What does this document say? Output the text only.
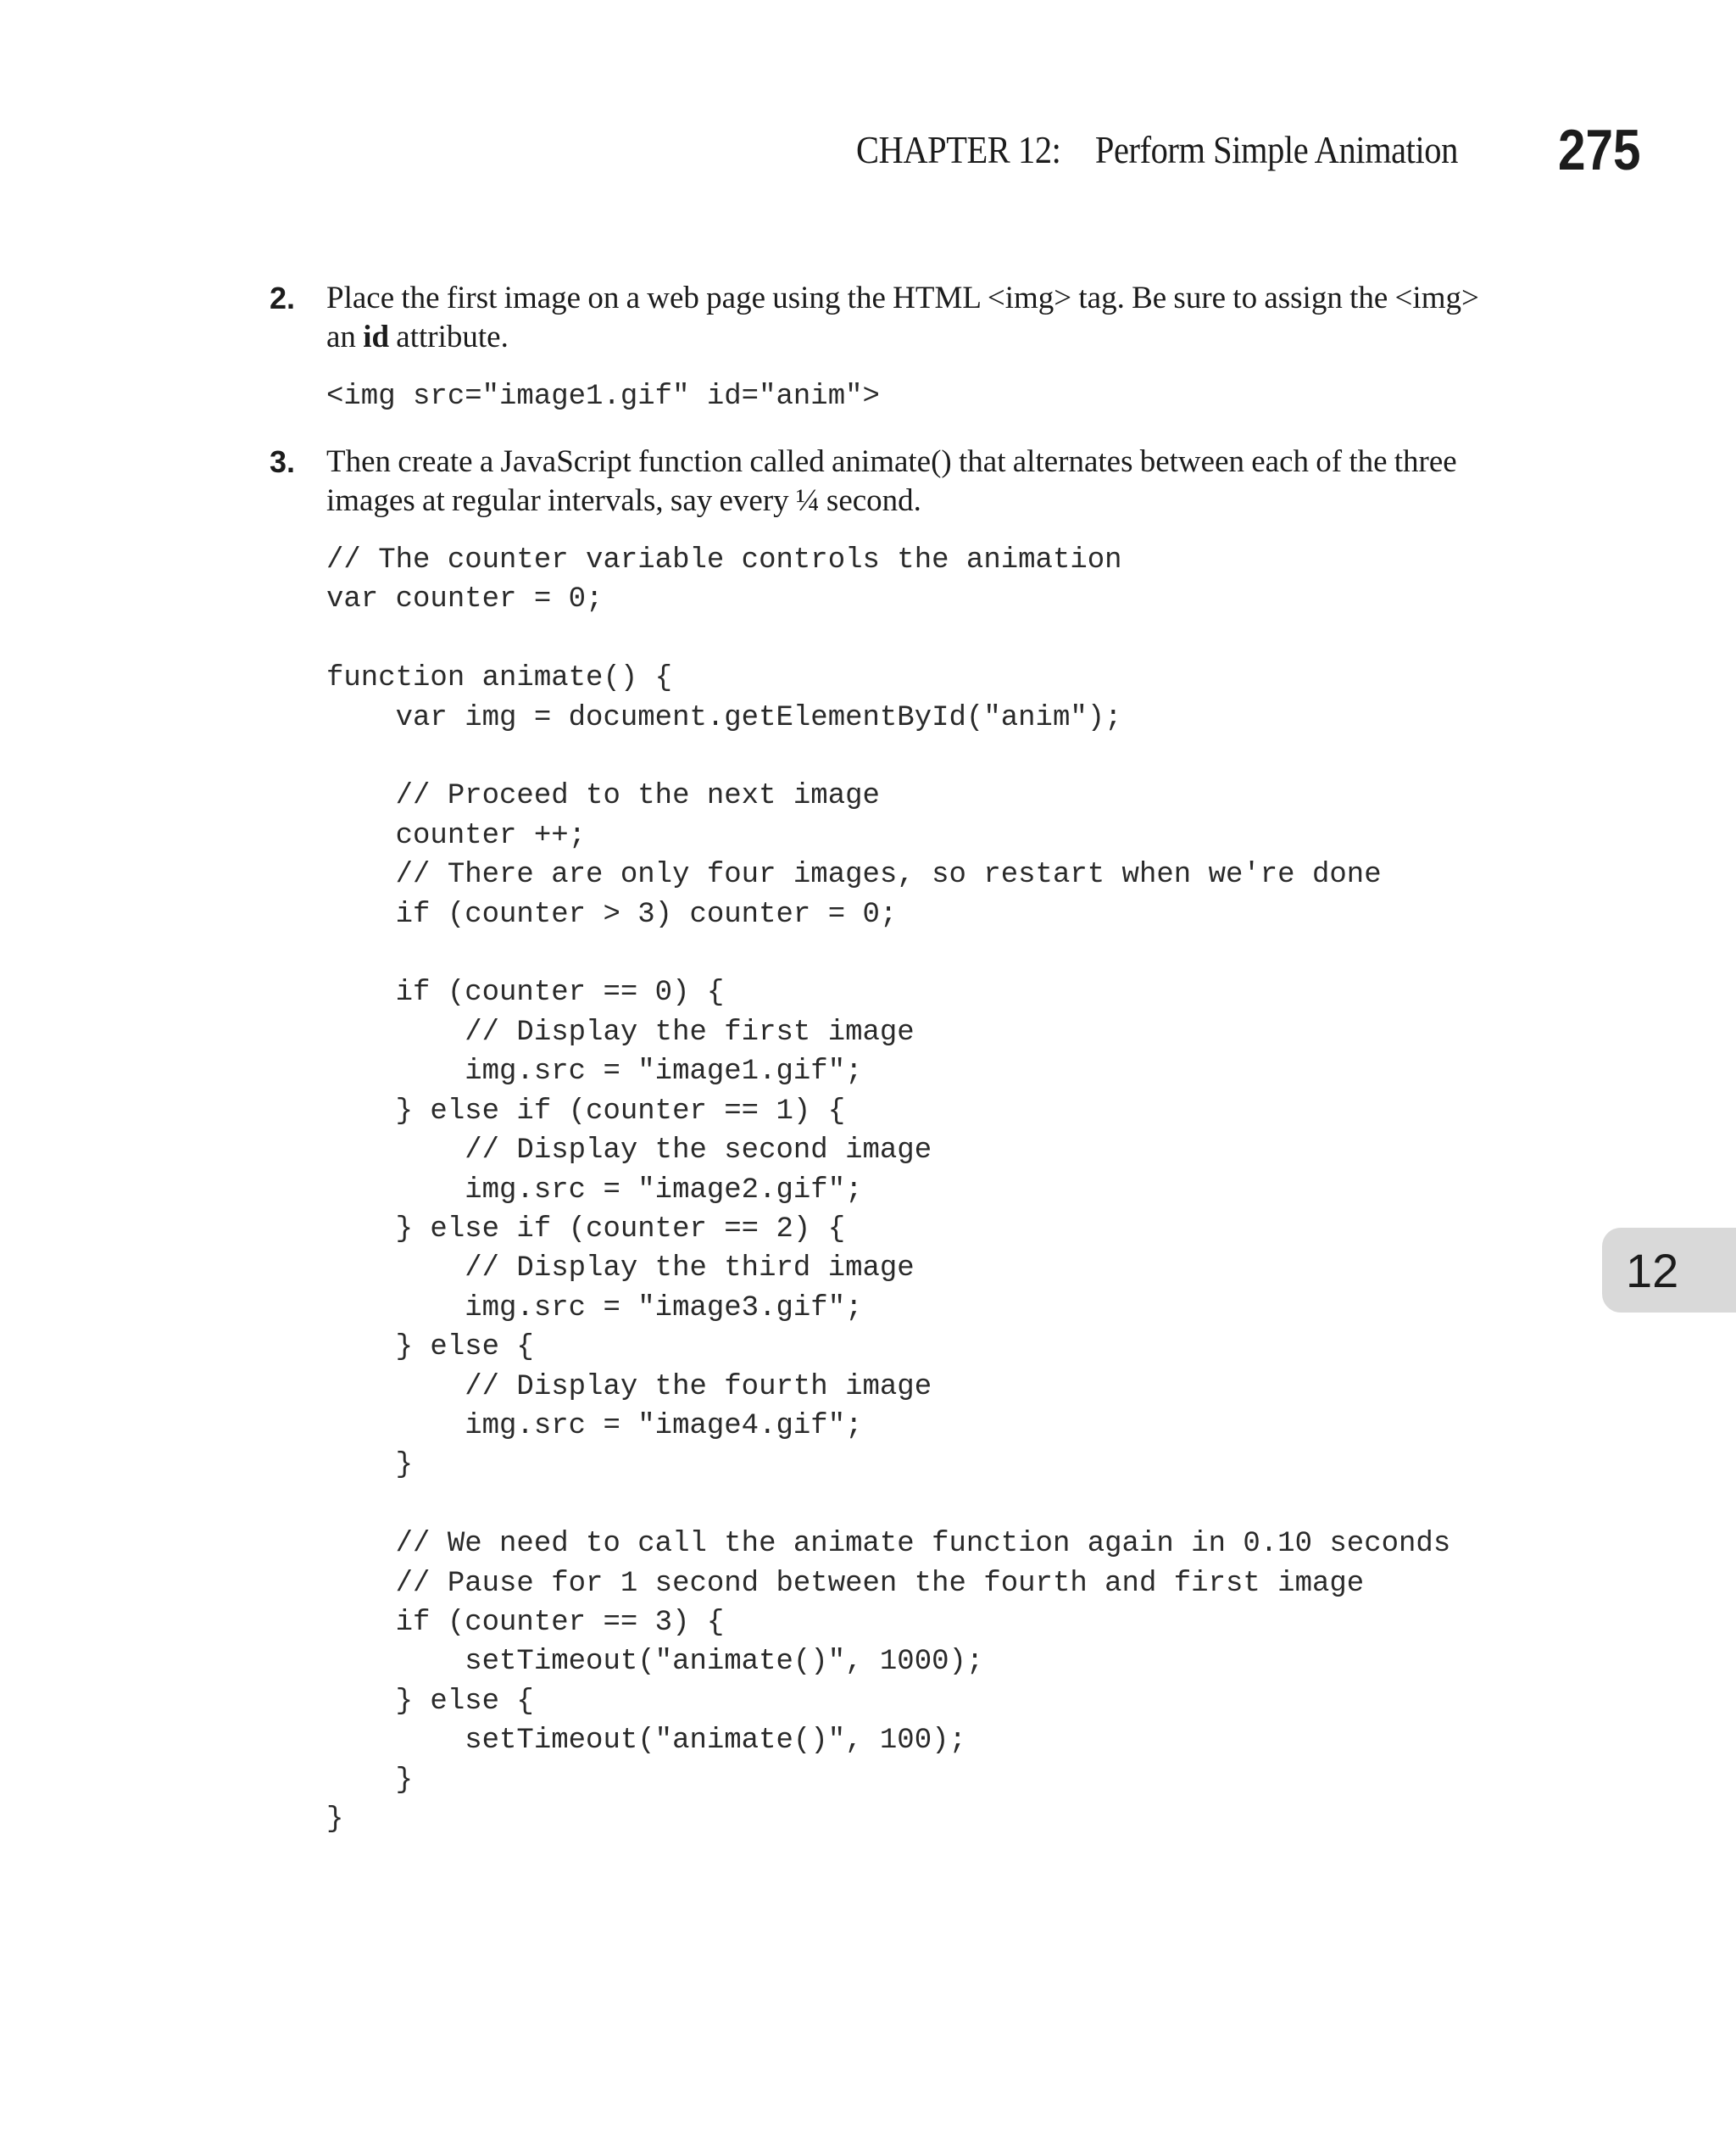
CHAPTER 12: Perform Simple Animation 275
2. Place the first image on a web page using the HTML <img> tag. Be sure to assign the <img> an id attribute.
<img src="image1.gif" id="anim">
3. Then create a JavaScript function called animate() that alternates between each of the three images at regular intervals, say every ¼ second.
// The counter variable controls the animation
var counter = 0;

function animate() {
var img = document.getElementById("anim");

// Proceed to the next image
counter ++;
// There are only four images, so restart when we're done
if (counter > 3) counter = 0;

if (counter == 0) {
// Display the first image
img.src = "image1.gif";
} else if (counter == 1) {
// Display the second image
img.src = "image2.gif";
} else if (counter == 2) {
// Display the third image
img.src = "image3.gif";
} else {
// Display the fourth image
img.src = "image4.gif";
}

// We need to call the animate function again in 0.10 seconds
// Pause for 1 second between the fourth and first image
if (counter == 3) {
setTimeout("animate()", 1000);
} else {
setTimeout("animate()", 100);
}
}
12
